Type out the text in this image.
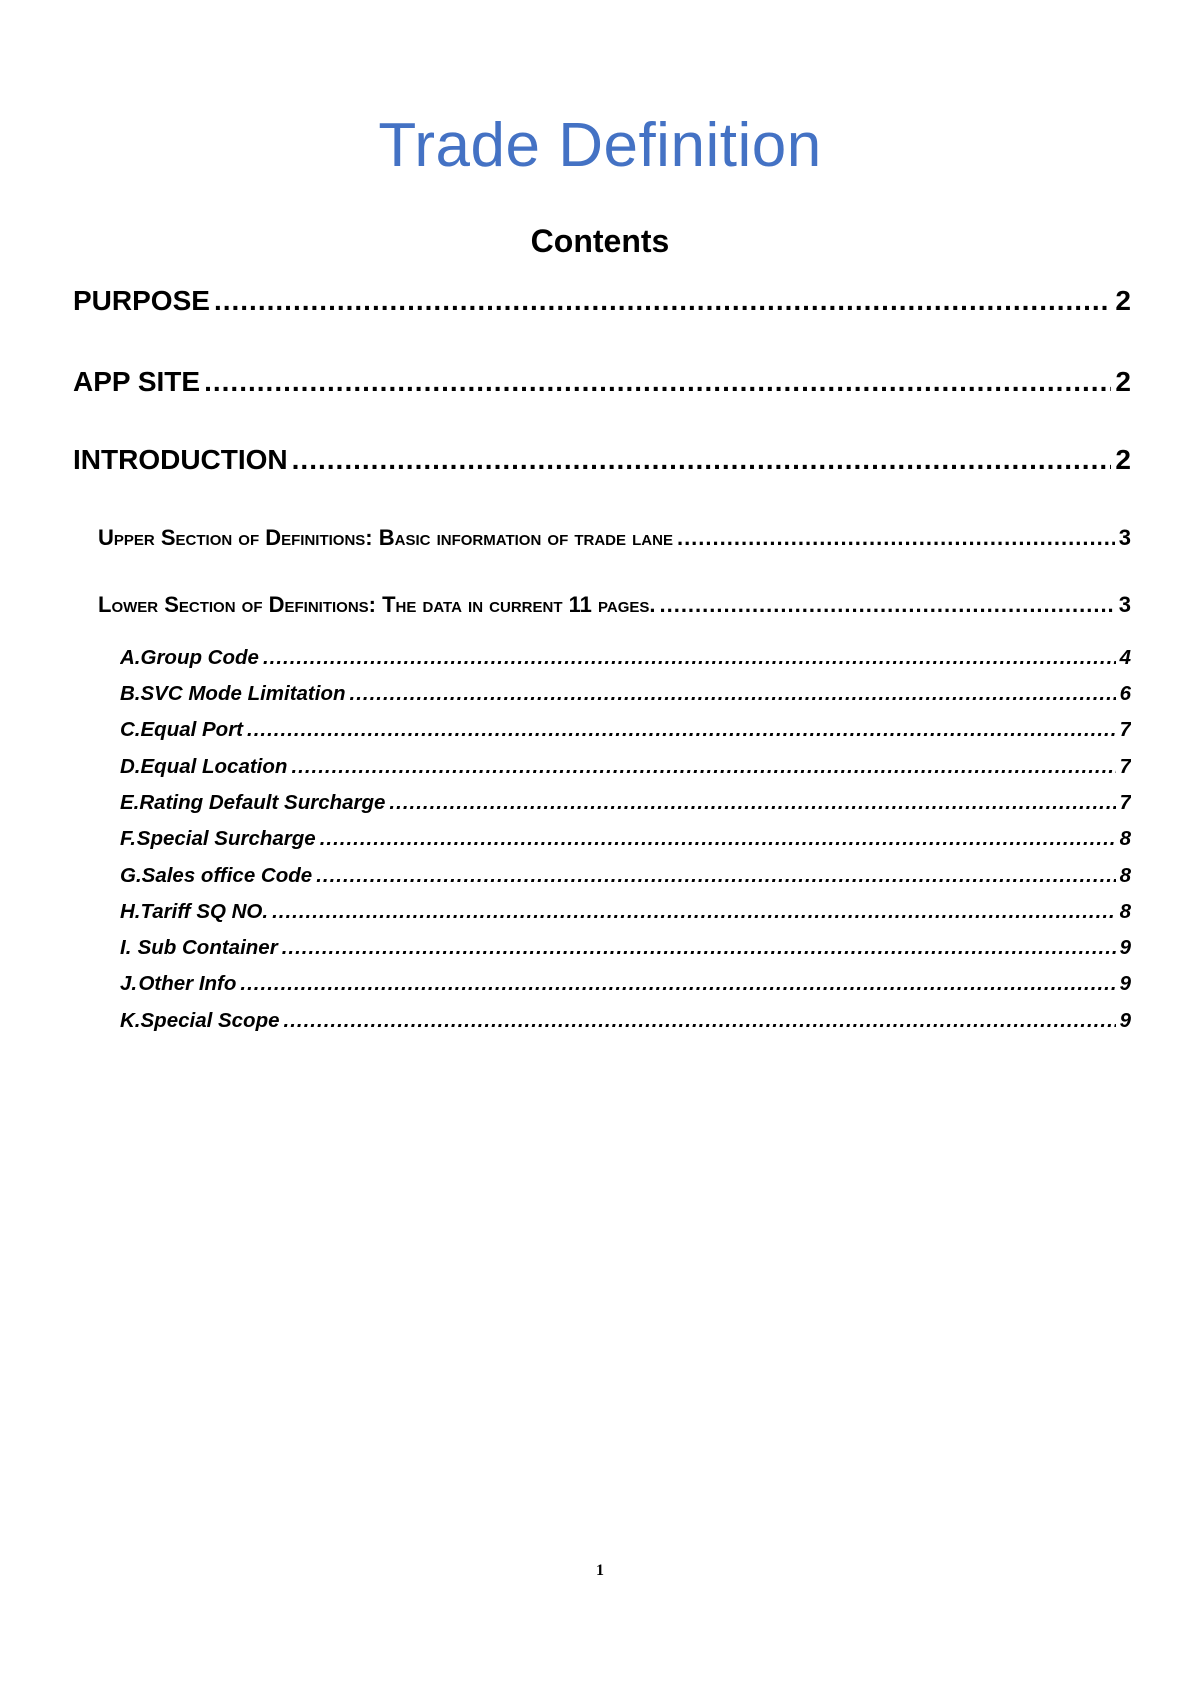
Trade Definition
Contents
PURPOSE .....	2
APP SITE .....	2
INTRODUCTION .....	2
Upper Section of Definitions: Basic information of trade lane .....	3
Lower Section of Definitions: The data in current 11 pages. .....	3
A. Group Code .....	4
B. SVC Mode Limitation .....	6
C. Equal Port .....	7
D. Equal Location .....	7
E. Rating Default Surcharge .....	7
F. Special Surcharge .....	8
G. Sales office Code .....	8
H. Tariff SQ NO. .....	8
I. Sub Container .....	9
J. Other Info .....	9
K. Special Scope .....	9
1
